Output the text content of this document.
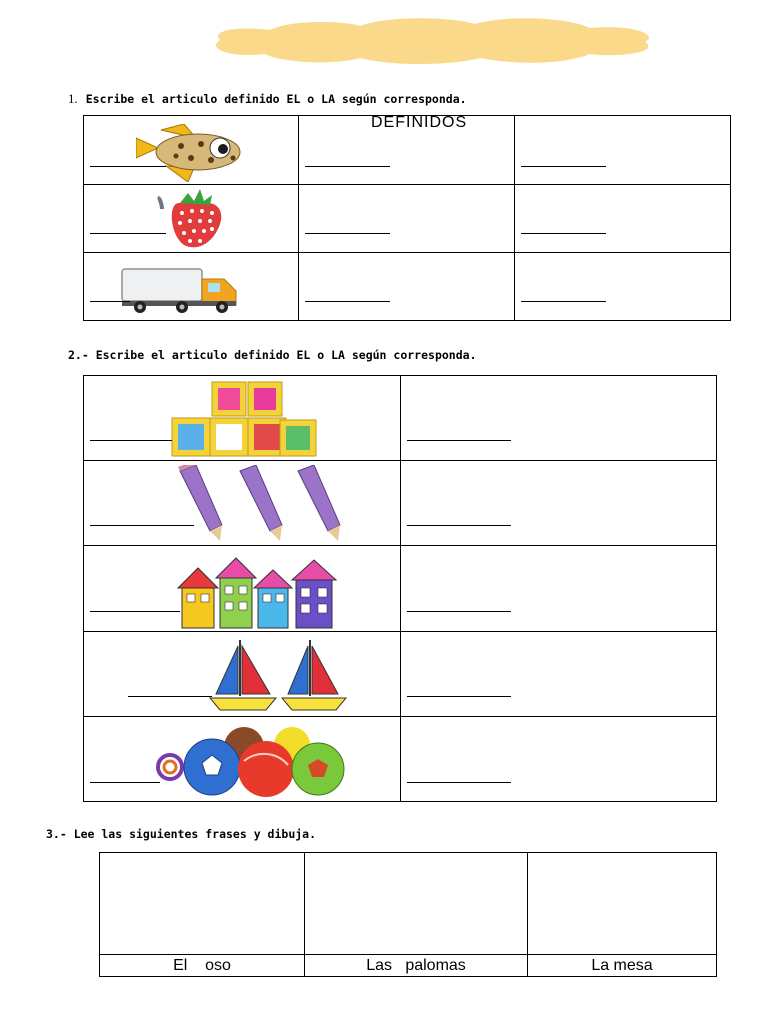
1. Escribe el articulo definido EL o LA según corresponda.

DEFINIDOS	

2.- Escribe el articulo definido EL o LA según corresponda.

3.- Lee las siguientes frases y dibuja.

El    oso	Las   palomas	La mesa
